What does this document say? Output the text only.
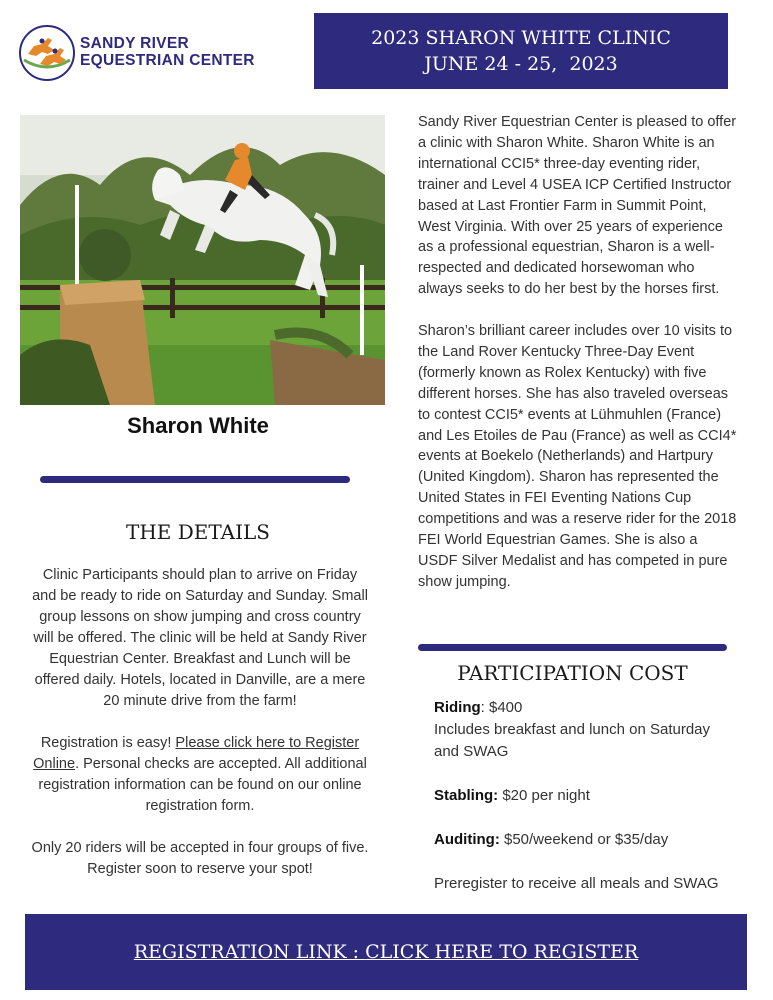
SANDY RIVER
EQUESTRIAN CENTER
2023 SHARON WHITE CLINIC
JUNE 24 - 25,  2023
Sharon White
THE DETAILS

Clinic Participants should plan to arrive on Friday and be ready to ride on Saturday and Sunday. Small group lessons on show jumping and cross country will be offered. The clinic will be held at Sandy River Equestrian Center. Breakfast and Lunch will be offered daily. Hotels, located in Danville, are a mere 20 minute drive from the farm!

Registration is easy! Please click here to Register Online. Personal checks are accepted. All additional registration information can be found on our online registration form.

Only 20 riders will be accepted in four groups of five. Register soon to reserve your spot!

Sandy River Equestrian Center is pleased to offer a clinic with Sharon White. Sharon White is an international CCI5* three-day eventing rider, trainer and Level 4 USEA ICP Certified Instructor based at Last Frontier Farm in Summit Point, West Virginia. With over 25 years of experience as a professional equestrian, Sharon is a well-respected and dedicated horsewoman who always seeks to do her best by the horses first.

Sharon’s brilliant career includes over 10 visits to the Land Rover Kentucky Three-Day Event (formerly known as Rolex Kentucky) with five different horses. She has also traveled overseas to contest CCI5* events at Lühmuhlen (France) and Les Etoiles de Pau (France) as well as CCI4* events at Boekelo (Netherlands) and Hartpury (United Kingdom). Sharon has represented the United States in FEI Eventing Nations Cup competitions and was a reserve rider for the 2018 FEI World Equestrian Games. She is also a USDF Silver Medalist and has competed in pure show jumping.

PARTICIPATION COST

Riding: $400
Includes breakfast and lunch on Saturday and SWAG

Stabling: $20 per night

Auditing: $50/weekend or $35/day

Preregister to receive all meals and SWAG

REGISTRATION LINK : CLICK HERE TO REGISTER
